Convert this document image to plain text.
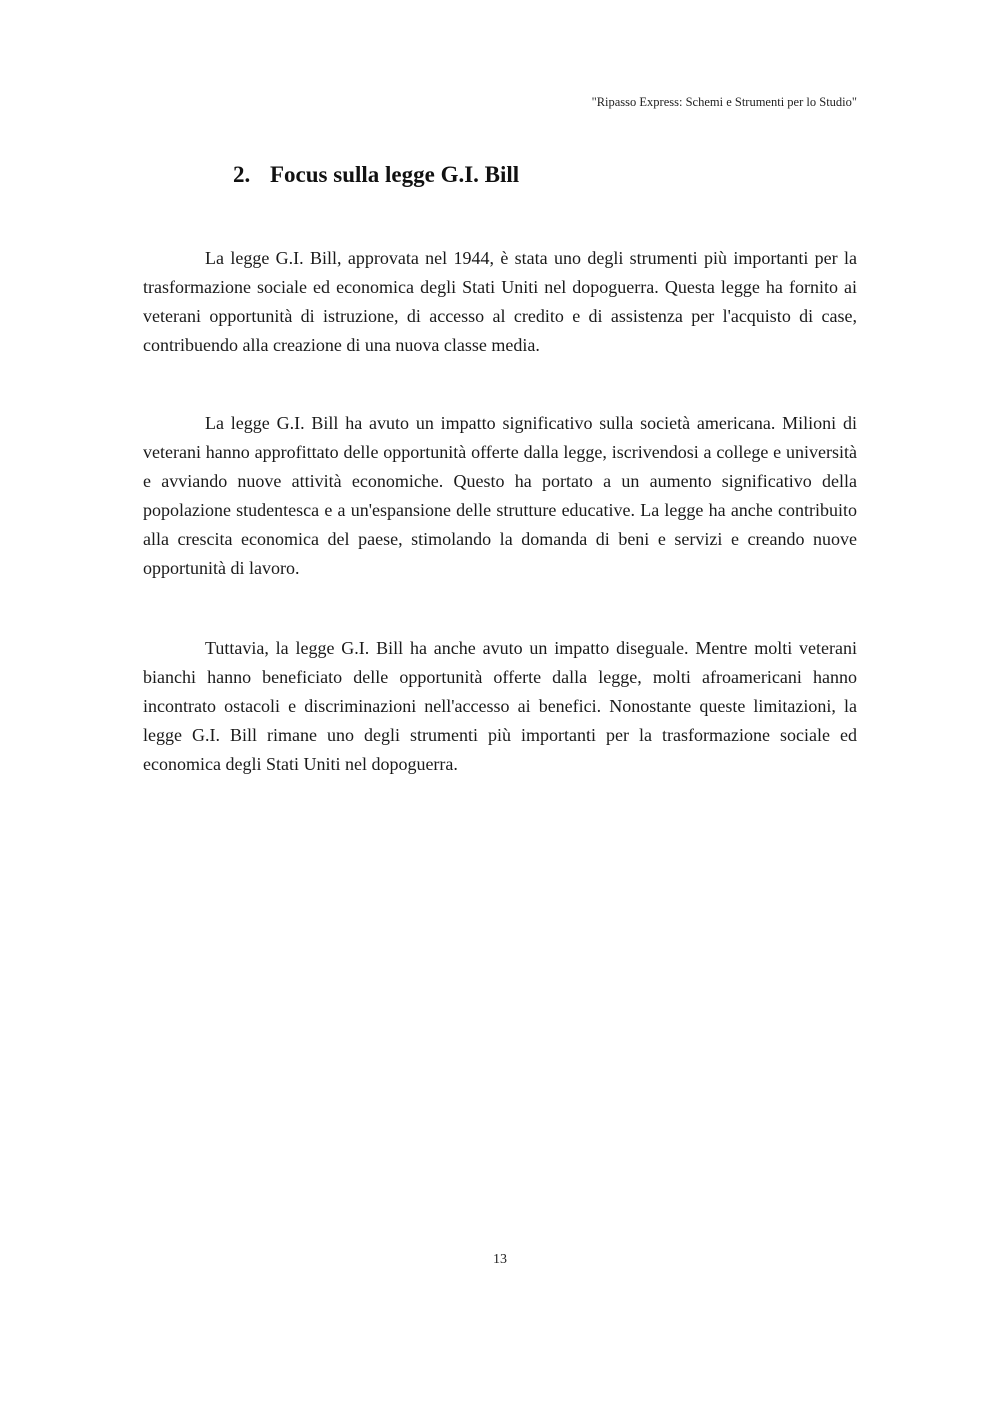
"Ripasso Express: Schemi e Strumenti per lo Studio"
2. Focus sulla legge G.I. Bill

La legge G.I. Bill, approvata nel 1944, è stata uno degli strumenti più importanti per la trasformazione sociale ed economica degli Stati Uniti nel dopoguerra. Questa legge ha fornito ai veterani opportunità di istruzione, di accesso al credito e di assistenza per l'acquisto di case, contribuendo alla creazione di una nuova classe media.

La legge G.I. Bill ha avuto un impatto significativo sulla società americana. Milioni di veterani hanno approfittato delle opportunità offerte dalla legge, iscrivendosi a college e università e avviando nuove attività economiche. Questo ha portato a un aumento significativo della popolazione studentesca e a un'espansione delle strutture educative. La legge ha anche contribuito alla crescita economica del paese, stimolando la domanda di beni e servizi e creando nuove opportunità di lavoro.

Tuttavia, la legge G.I. Bill ha anche avuto un impatto diseguale. Mentre molti veterani bianchi hanno beneficiato delle opportunità offerte dalla legge, molti afroamericani hanno incontrato ostacoli e discriminazioni nell'accesso ai benefici. Nonostante queste limitazioni, la legge G.I. Bill rimane uno degli strumenti più importanti per la trasformazione sociale ed economica degli Stati Uniti nel dopoguerra.

13
